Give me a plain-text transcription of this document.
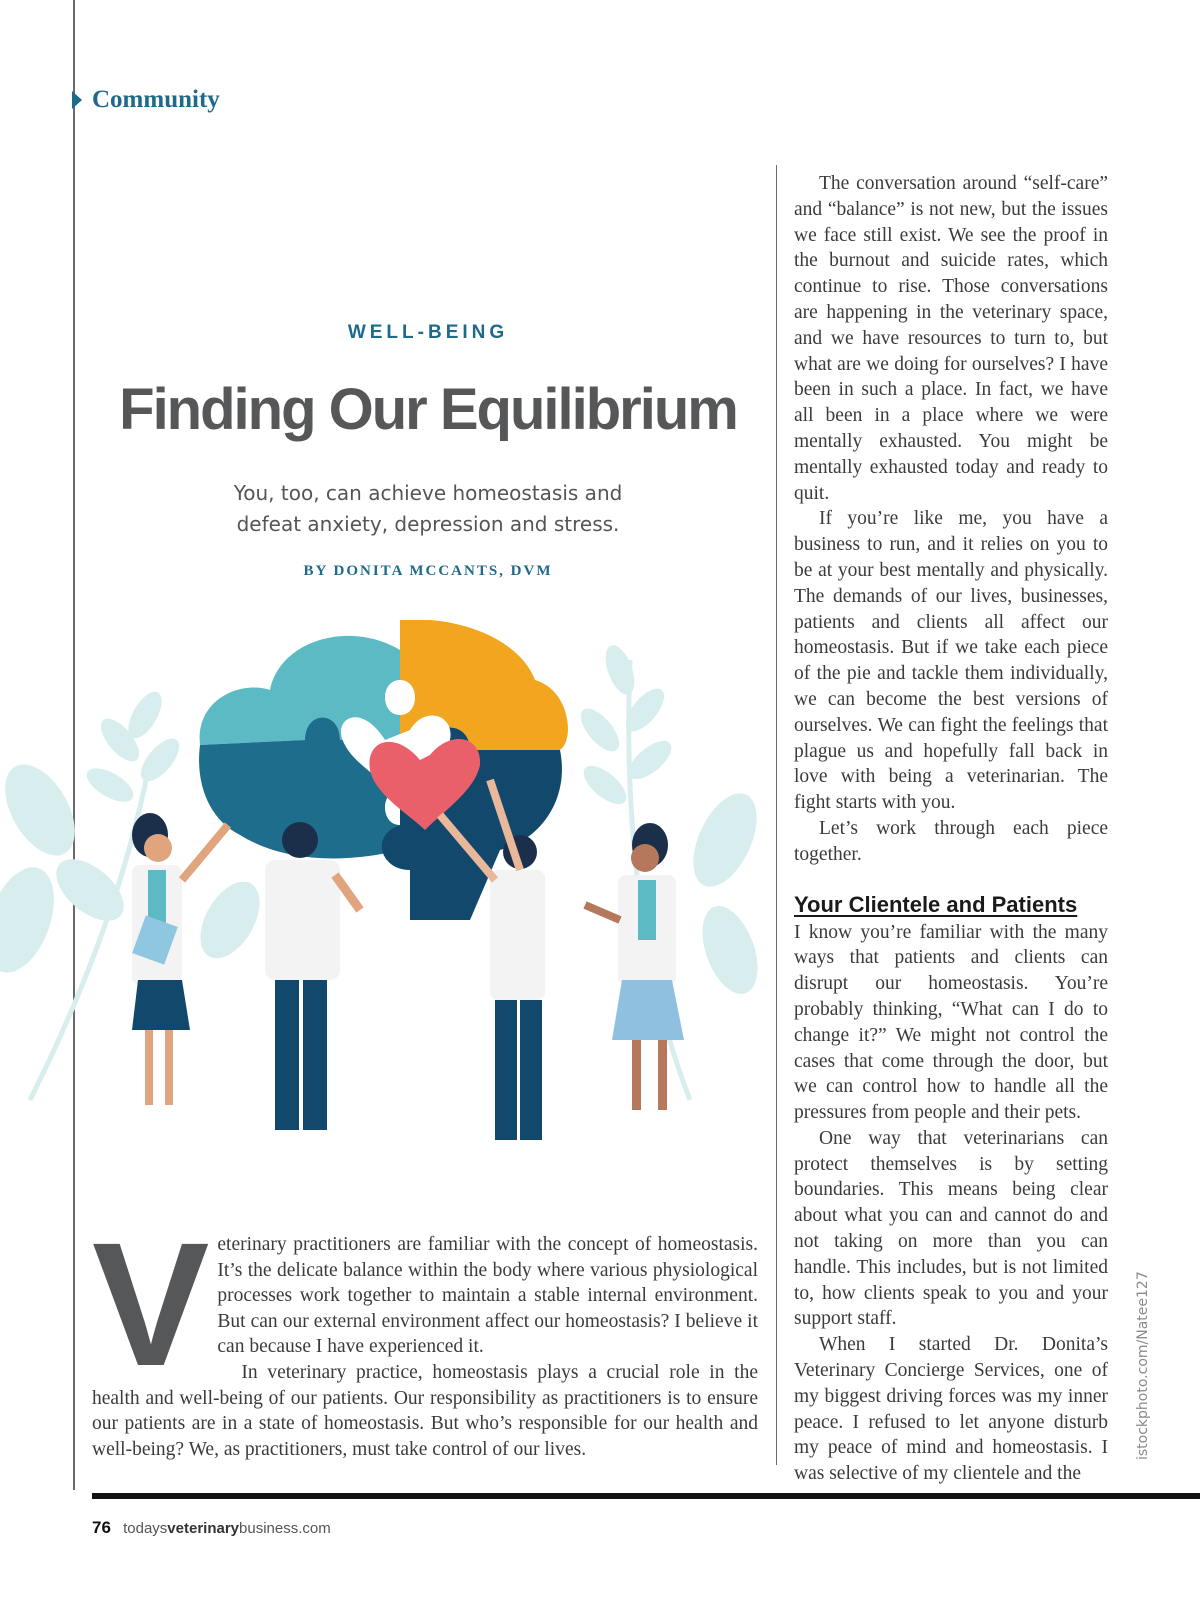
Community
WELL-BEING
Finding Our Equilibrium
You, too, can achieve homeostasis and defeat anxiety, depression and stress.
BY DONITA MCCANTS, DVM
V eterinary practitioners are familiar with the concept of homeostasis. It’s the delicate balance within the body where various physiological processes work together to maintain a stable internal environment. But can our external environment affect our homeostasis? I believe it can because I have experienced it.

In veterinary practice, homeostasis plays a crucial role in the health and well-being of our patients. Our responsibility as practitioners is to ensure our patients are in a state of homeostasis. But who’s responsible for our health and well-being? We, as practitioners, must take control of our lives.

The conversation around “self-care” and “balance” is not new, but the issues we face still exist. We see the proof in the burnout and suicide rates, which continue to rise. Those conversations are happening in the veterinary space, and we have resources to turn to, but what are we doing for ourselves? I have been in such a place. In fact, we have all been in a place where we were mentally exhausted. You might be mentally exhausted today and ready to quit.

If you’re like me, you have a business to run, and it relies on you to be at your best mentally and physically. The demands of our lives, businesses, patients and clients all affect our homeostasis. But if we take each piece of the pie and tackle them individually, we can become the best versions of ourselves. We can fight the feelings that plague us and hopefully fall back in love with being a veterinarian. The fight starts with you.

Let’s work through each piece together.

Your Clientele and Patients

I know you’re familiar with the many ways that patients and clients can disrupt our homeostasis. You’re probably thinking, “What can I do to change it?” We might not control the cases that come through the door, but we can control how to handle all the pressures from people and their pets.

One way that veterinarians can protect themselves is by setting boundaries. This means being clear about what you can and cannot do and not taking on more than you can handle. This includes, but is not limited to, how clients speak to you and your support staff.

When I started Dr. Donita’s Veterinary Concierge Services, one of my biggest driving forces was my inner peace. I refused to let anyone disturb my peace of mind and homeostasis. I was selective of my clientele and the

istockphoto.com/Natee127
76 todaysveterinarybusiness.com
